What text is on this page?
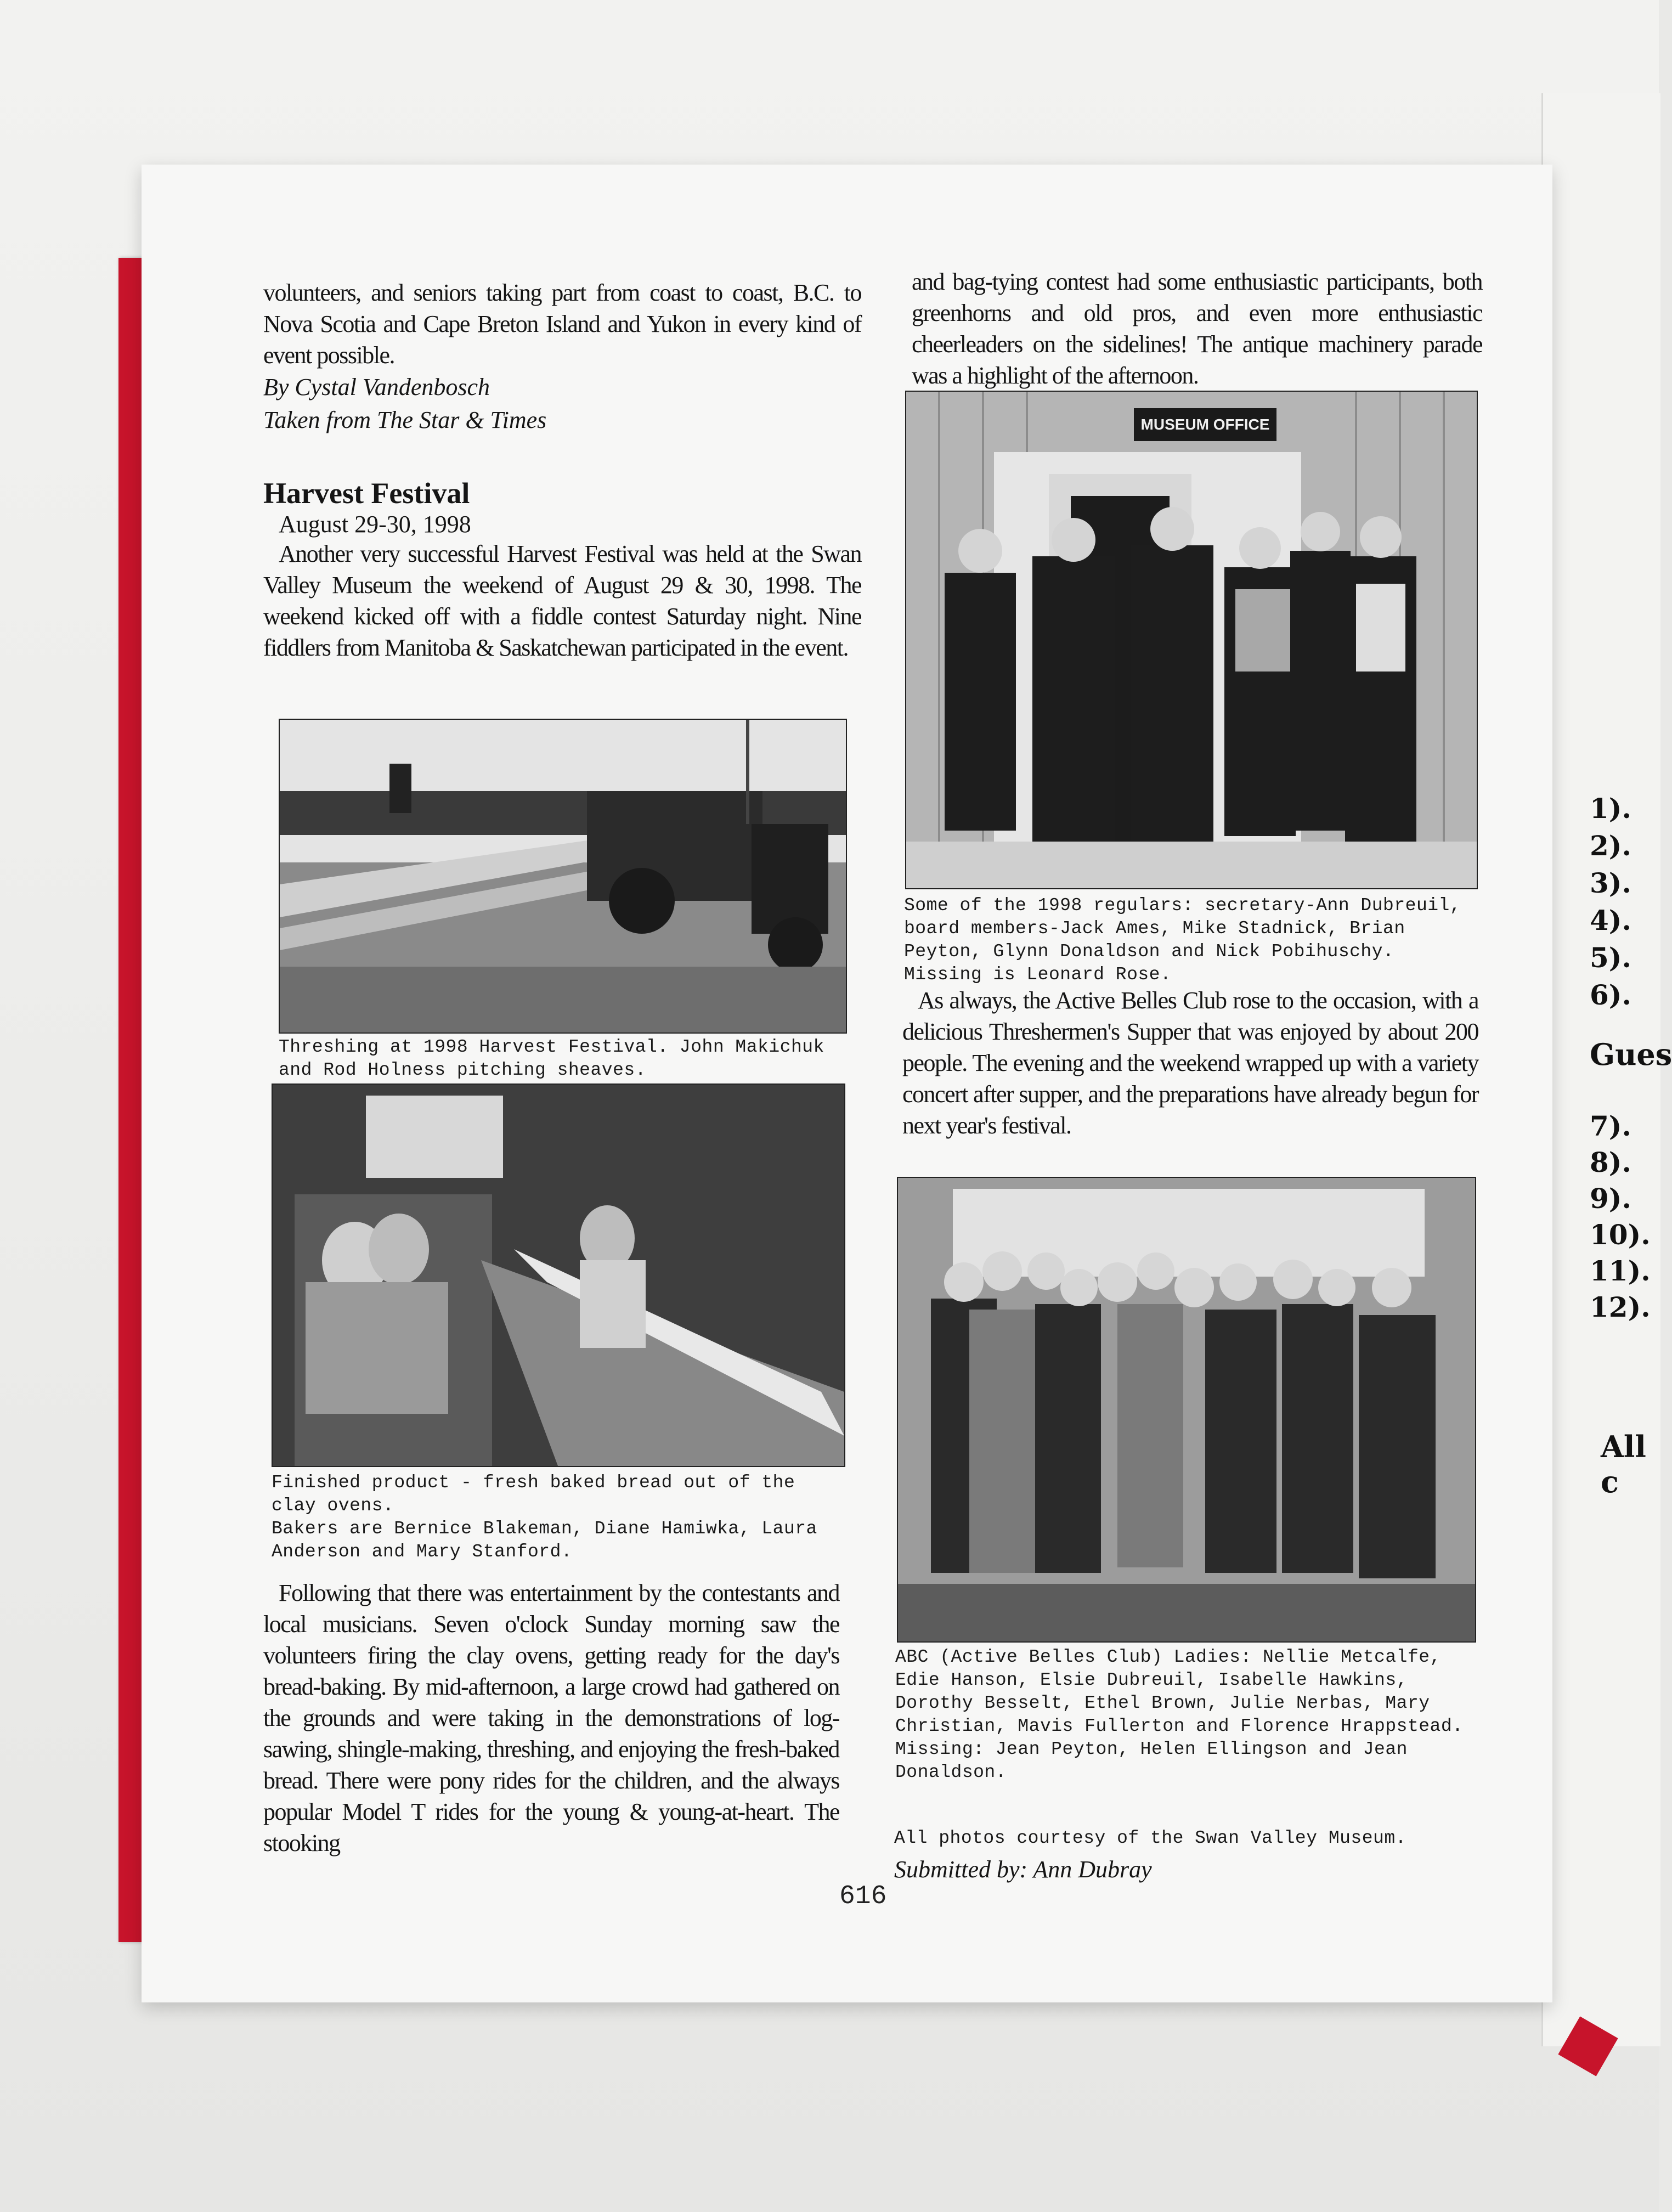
volunteers, and seniors taking part from coast to coast, B.C. to Nova Scotia and Cape Breton Island and Yukon in every kind of event possible.

By Cystal Vandenbosch

Taken from The Star & Times

Harvest Festival

August 29-30, 1998

Another very successful Harvest Festival was held at the Swan Valley Museum the weekend of August 29 & 30, 1998. The weekend kicked off with a fiddle contest Saturday night. Nine fiddlers from Manitoba & Saskatchewan participated in the event.

Threshing at 1998 Harvest Festival. John Makichuk and Rod Holness pitching sheaves.

Finished product - fresh baked bread out of the clay ovens.

Bakers are Bernice Blakeman, Diane Hamiwka, Laura Anderson and Mary Stanford.

Following that there was entertainment by the contestants and local musicians. Seven o'clock Sunday morning saw the volunteers firing the clay ovens, getting ready for the day's bread-baking. By mid-afternoon, a large crowd had gathered on the grounds and were taking in the demonstrations of log-sawing, shingle-making, threshing, and enjoying the fresh-baked bread. There were pony rides for the children, and the always popular Model T rides for the young & young-at-heart. The stooking

and bag-tying contest had some enthusiastic participants, both greenhorns and old pros, and even more enthusiastic cheerleaders on the sidelines! The antique machinery parade was a highlight of the afternoon.

MUSEUM OFFICE

Some of the 1998 regulars: secretary-Ann Dubreuil, board members-Jack Ames, Mike Stadnick, Brian Peyton, Glynn Donaldson and Nick Pobihuschy. Missing is Leonard Rose.

As always, the Active Belles Club rose to the occasion, with a delicious Threshermen's Supper that was enjoyed by about 200 people. The evening and the weekend wrapped up with a variety concert after supper, and the preparations have already begun for next year's festival.

ABC (Active Belles Club) Ladies: Nellie Metcalfe, Edie Hanson, Elsie Dubreuil, Isabelle Hawkins, Dorothy Besselt, Ethel Brown, Julie Nerbas, Mary Christian, Mavis Fullerton and Florence Hrappstead.

Missing: Jean Peyton, Helen Ellingson and Jean Donaldson.

All photos courtesy of the Swan Valley Museum.

Submitted by: Ann Dubray

616
1).
2).
3).
4).
5).
6).
Gues
7).
8).
9).
10).
11).
12).
All c
